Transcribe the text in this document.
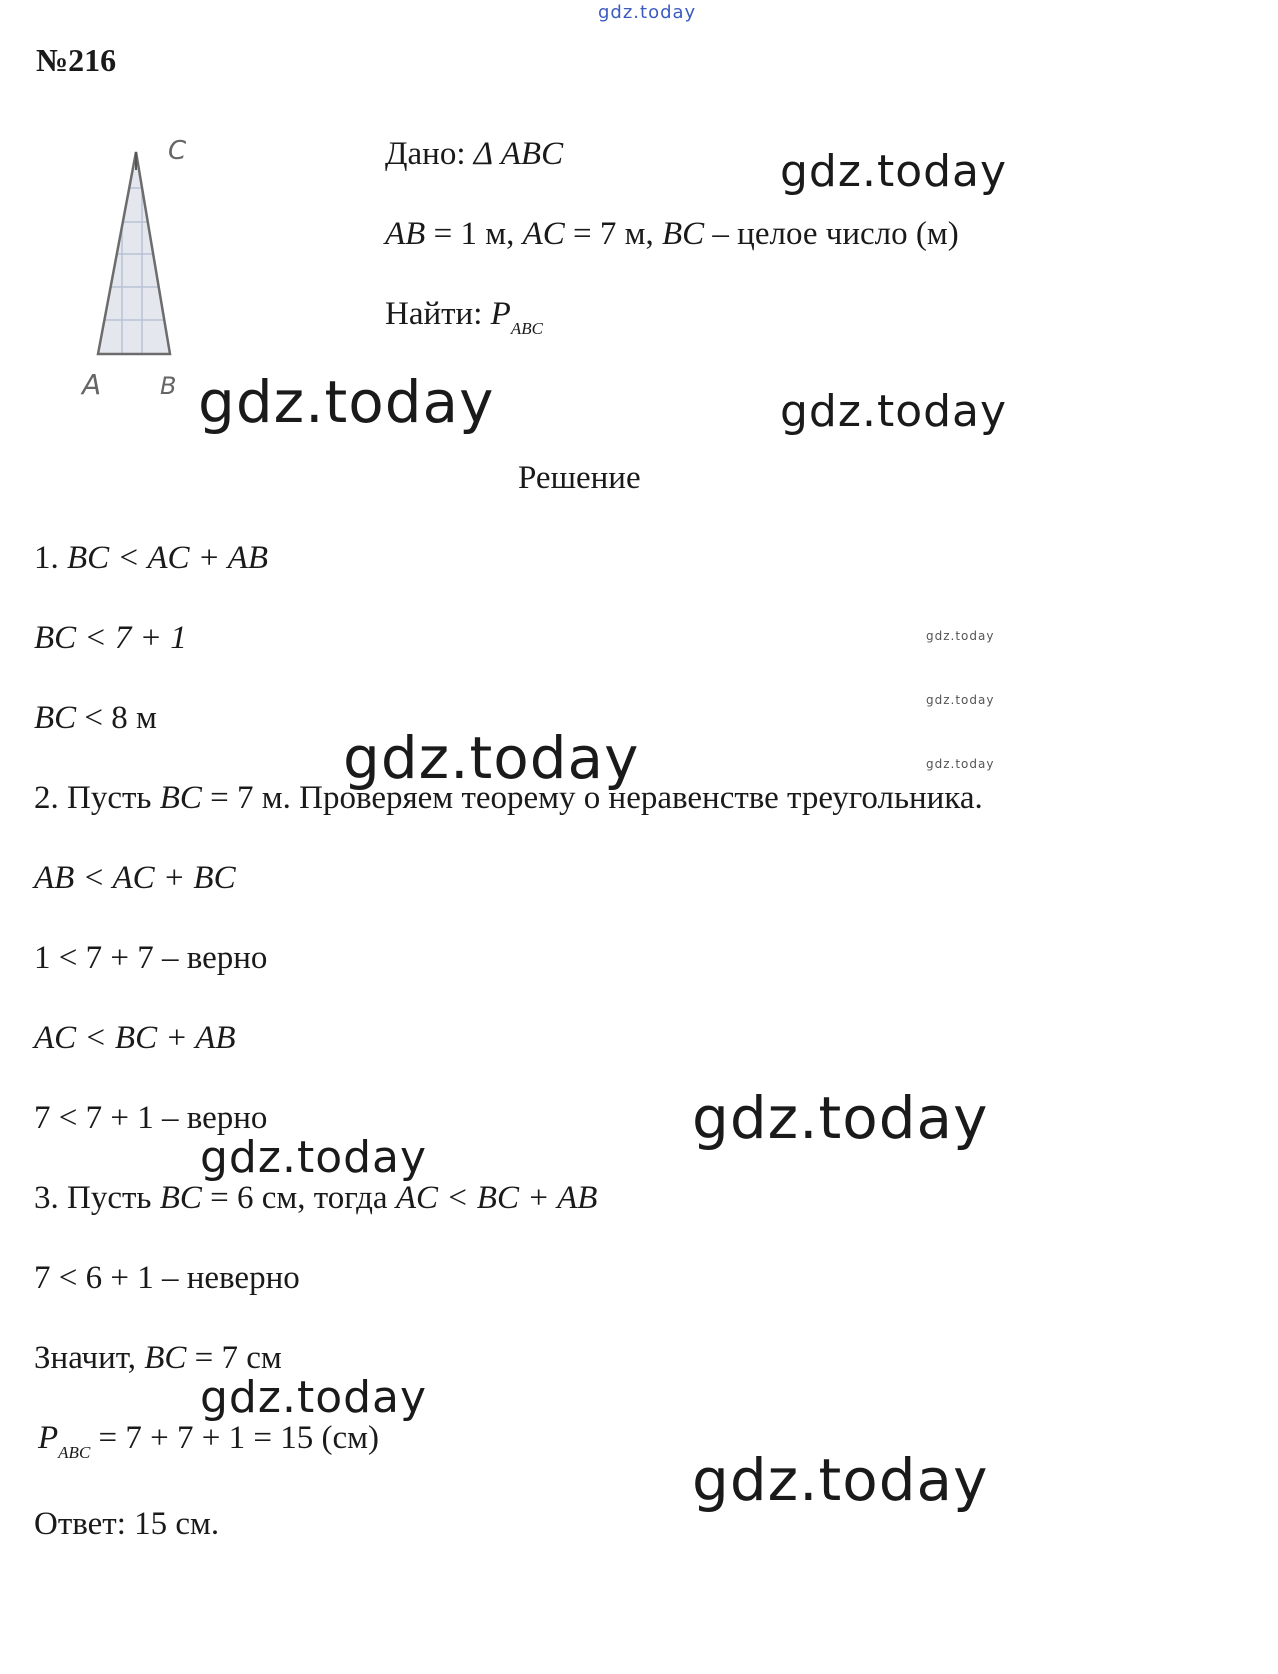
gdz.today
№216
C
A B
Дано: Δ ABC
AB = 1 м, AC = 7 м, BC – целое число (м)
Найти: $P_{ABC}$
Решение
1. BC < AC + AB
BC < 7 + 1
BC < 8 м
2. Пусть BC = 7 м. Проверяем теорему о неравенстве треугольника.
AB < AC + BC
1 < 7 + 7 – верно
AC < BC + AB
7 < 7 + 1 – верно
3. Пусть BC = 6 см, тогда AC < BC + AB
7 < 6 + 1 – неверно
Значит, BC = 7 см
$P_{ABC} = 7 + 7 + 1 = 15$ (см)
Ответ: 15 см.
gdz.today
gdz.today	gdz.today
gdz.today
gdz.today
gdz.today
gdz.today
gdz.today
gdz.today
gdz.today
gdz.today
